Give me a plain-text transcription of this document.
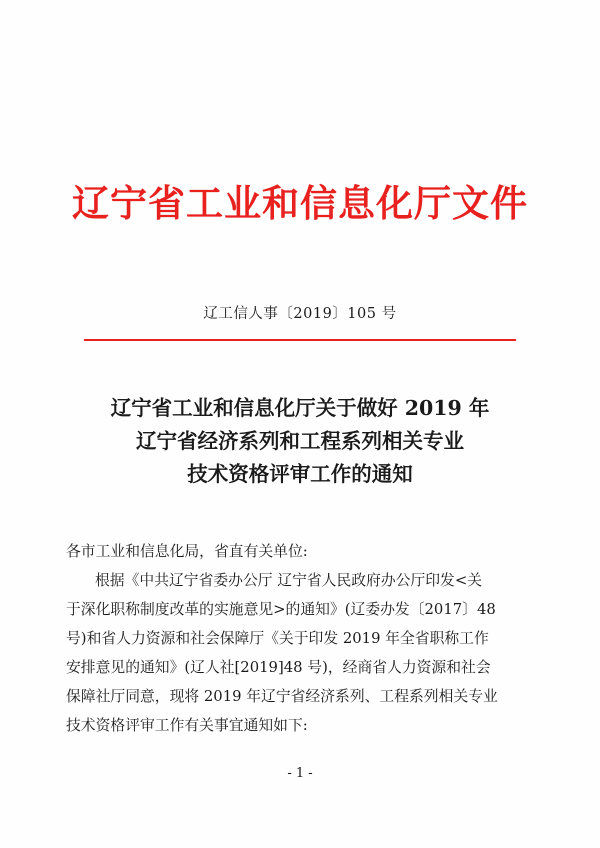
辽宁省工业和信息化厅文件
辽工信人事〔2019〕105 号
辽宁省工业和信息化厅关于做好 2019 年
辽宁省经济系列和工程系列相关专业
技术资格评审工作的通知
各市工业和信息化局，省直有关单位:
根据《中共辽宁省委办公厅 辽宁省人民政府办公厅印发<关
于深化职称制度改革的实施意见>的通知》(辽委办发〔2017〕48
号)和省人力资源和社会保障厅《关于印发 2019 年全省职称工作
安排意见的通知》(辽人社[2019]48 号)，经商省人力资源和社会
保障社厅同意，现将 2019 年辽宁省经济系列、工程系列相关专业
技术资格评审工作有关事宜通知如下:
- 1 -
